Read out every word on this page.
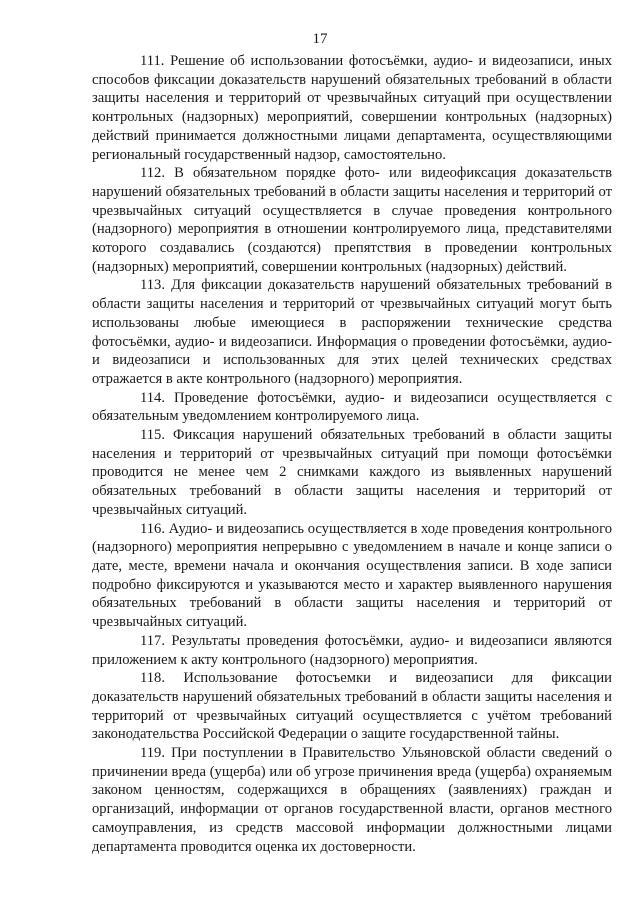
17

111. Решение об использовании фотосъёмки, аудио- и видеозаписи, иных способов фиксации доказательств нарушений обязательных требований в области защиты населения и территорий от чрезвычайных ситуаций при осуществлении контрольных (надзорных) мероприятий, совершении контрольных (надзорных) действий принимается должностными лицами департамента, осуществляющими региональный государственный надзор, самостоятельно.

112. В обязательном порядке фото- или видеофиксация доказательств нарушений обязательных требований в области защиты населения и территорий от чрезвычайных ситуаций осуществляется в случае проведения контрольного (надзорного) мероприятия в отношении контролируемого лица, представителями которого создавались (создаются) препятствия в проведении контрольных (надзорных) мероприятий, совершении контрольных (надзорных) действий.

113. Для фиксации доказательств нарушений обязательных требований в области защиты населения и территорий от чрезвычайных ситуаций могут быть использованы любые имеющиеся в распоряжении технические средства фотосъёмки, аудио- и видеозаписи. Информация о проведении фотосъёмки, аудио- и видеозаписи и использованных для этих целей технических средствах отражается в акте контрольного (надзорного) мероприятия.

114. Проведение фотосъёмки, аудио- и видеозаписи осуществляется с обязательным уведомлением контролируемого лица.

115. Фиксация нарушений обязательных требований в области защиты населения и территорий от чрезвычайных ситуаций при помощи фотосъёмки проводится не менее чем 2 снимками каждого из выявленных нарушений обязательных требований в области защиты населения и территорий от чрезвычайных ситуаций.

116. Аудио- и видеозапись осуществляется в ходе проведения контрольного (надзорного) мероприятия непрерывно с уведомлением в начале и конце записи о дате, месте, времени начала и окончания осуществления записи. В ходе записи подробно фиксируются и указываются место и характер выявленного нарушения обязательных требований в области защиты населения и территорий от чрезвычайных ситуаций.

117. Результаты проведения фотосъёмки, аудио- и видеозаписи являются приложением к акту контрольного (надзорного) мероприятия.

118. Использование фотосъемки и видеозаписи для фиксации доказательств нарушений обязательных требований в области защиты населения и территорий от чрезвычайных ситуаций осуществляется с учётом требований законодательства Российской Федерации о защите государственной тайны.

119. При поступлении в Правительство Ульяновской области сведений о причинении вреда (ущерба) или об угрозе причинения вреда (ущерба) охраняемым законом ценностям, содержащихся в обращениях (заявлениях) граждан и организаций, информации от органов государственной власти, органов местного самоуправления, из средств массовой информации должностными лицами департамента проводится оценка их достоверности.
